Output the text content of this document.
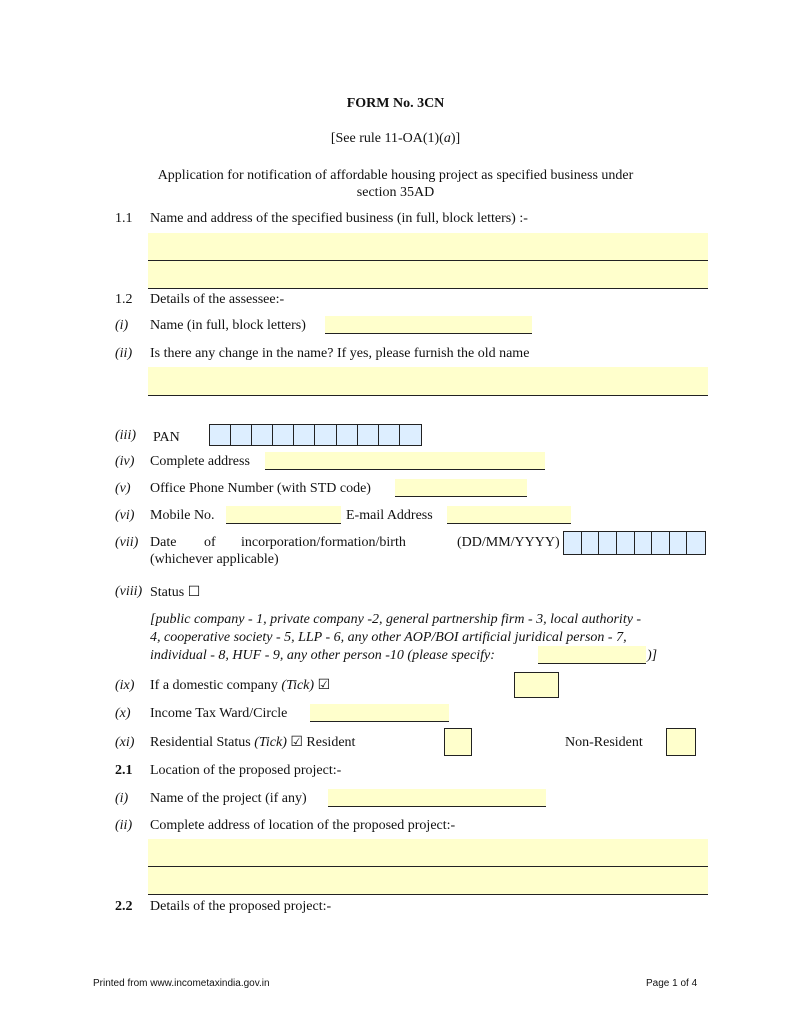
FORM No. 3CN
[See rule 11-OA(1)(a)]
Application for notification of affordable housing project as specified business under
section 35AD
1.1 Name and address of the specified business (in full, block letters) :-
1.2 Details of the assessee:-
(i) Name (in full, block letters)
(ii) Is there any change in the name? If yes, please furnish the old name
(iii) PAN
(iv) Complete address
(v) Office Phone Number (with STD code)
(vi) Mobile No.	E-mail Address
(vii) Date of incorporation/formation/birth	(DD/MM/YYYY)
(whichever applicable)
(viii) Status ☐
[public company - 1, private company -2, general partnership firm - 3, local authority -
4, cooperative society - 5, LLP - 6, any other AOP/BOI artificial juridical person - 7,
individual - 8, HUF - 9, any other person -10 (please specify:	)]
(ix) If a domestic company (Tick) ☑
(x) Income Tax Ward/Circle
(xi) Residential Status (Tick) ☑ Resident	Non-Resident
2.1 Location of the proposed project:-
(i) Name of the project (if any)
(ii) Complete address of location of the proposed project:-
2.2 Details of the proposed project:-
Printed from www.incometaxindia.gov.in	Page 1 of 4
